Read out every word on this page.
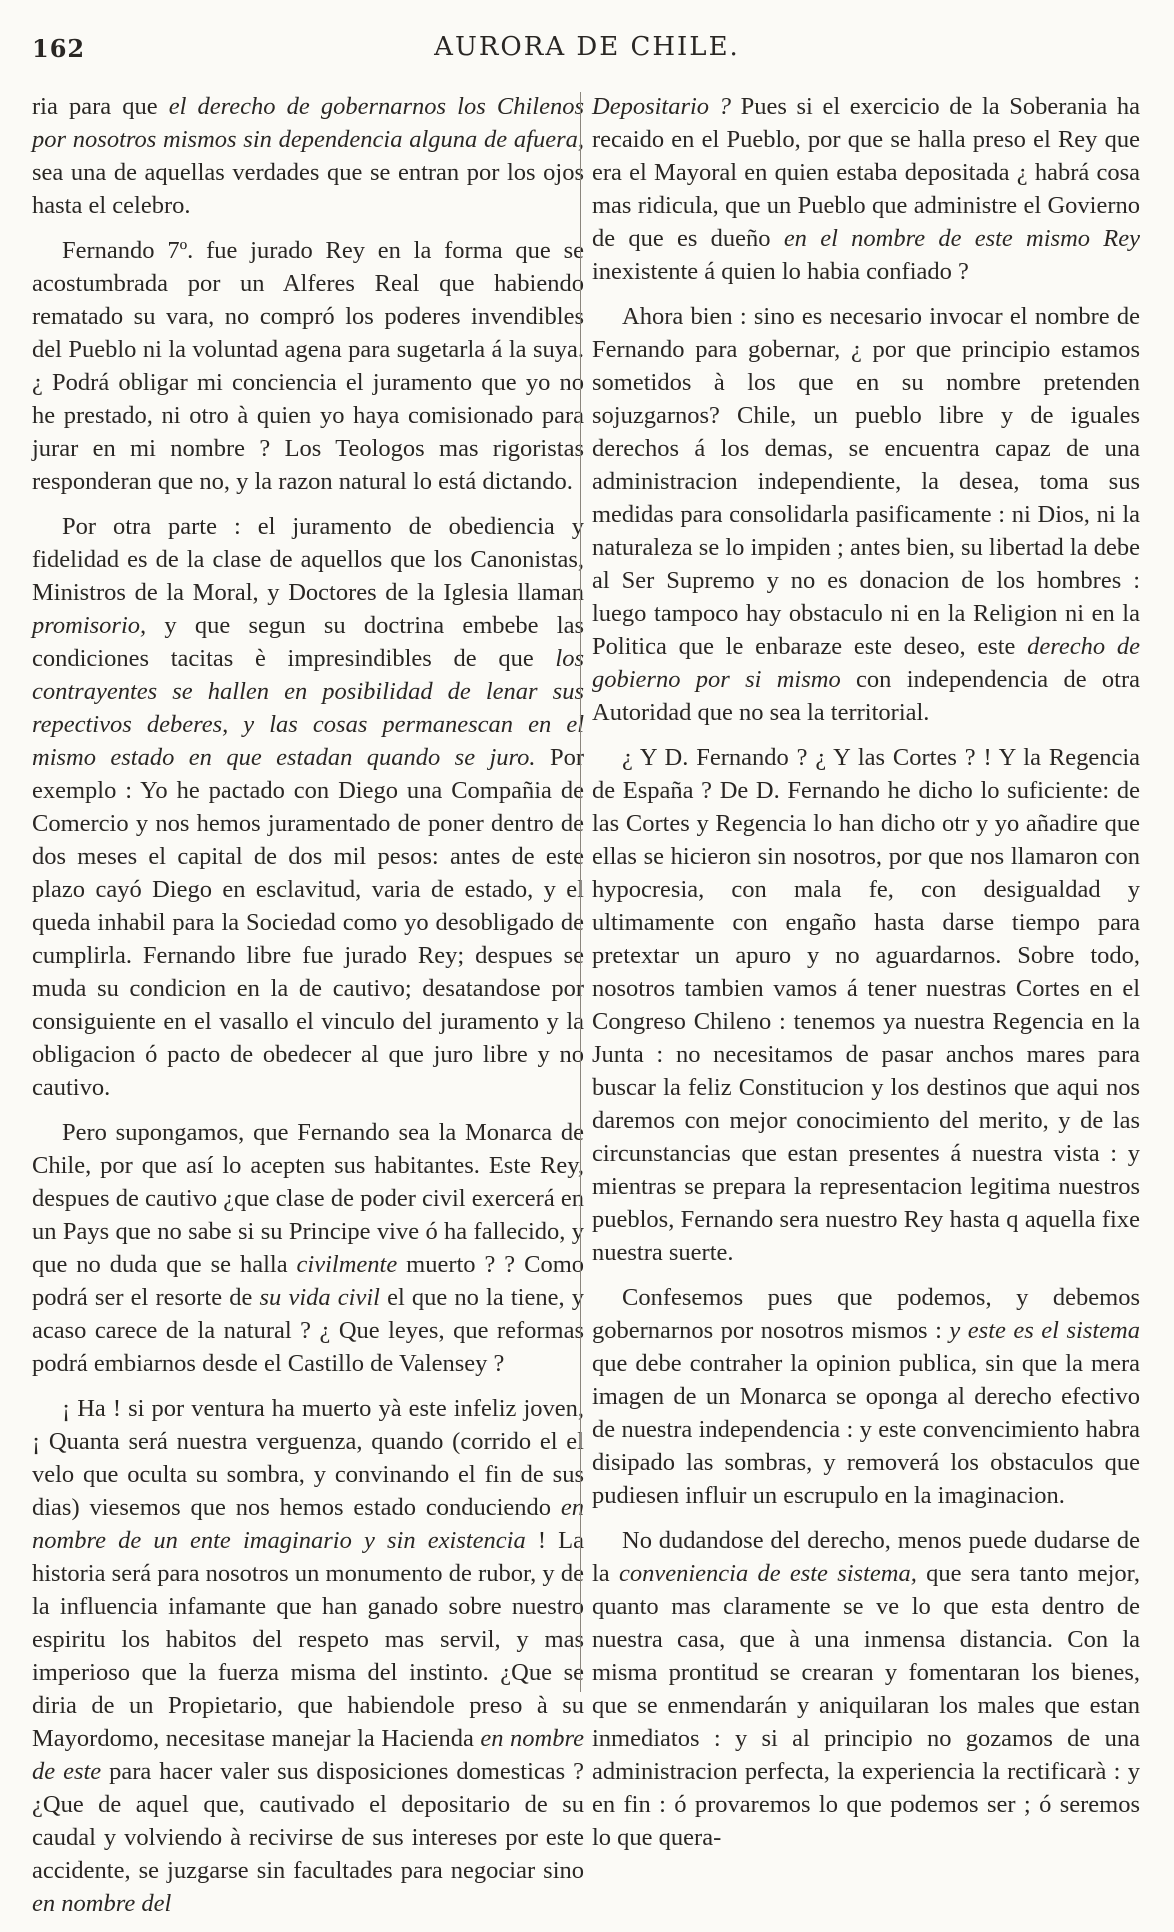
162	AURORA DE CHILE.

ria para que el derecho de gobernarnos los Chilenos por nosotros mismos sin dependencia alguna de afuera, sea una de aquellas verdades que se entran por los ojos hasta el celebro.

Fernando 7º. fue jurado Rey en la forma que se acostumbrada por un Alferes Real que habiendo rematado su vara, no compró los poderes invendibles del Pueblo ni la voluntad agena para sugetarla á la suya. ¿ Podrá obligar mi conciencia el juramento que yo no he prestado, ni otro à quien yo haya comisionado para jurar en mi nombre ? Los Teologos mas rigoristas responderan que no, y la razon natural lo está dictando.

Por otra parte : el juramento de obediencia y fidelidad es de la clase de aquellos que los Canonistas, Ministros de la Moral, y Doctores de la Iglesia llaman promisorio, y que segun su doctrina embebe las condiciones tacitas è impresindibles de que los contrayentes se hallen en posibilidad de lenar sus repectivos deberes, y las cosas permanescan en el mismo estado en que estadan quando se juro. Por exemplo : Yo he pactado con Diego una Compañia de Comercio y nos hemos juramentado de poner dentro de dos meses el capital de dos mil pesos: antes de este plazo cayó Diego en esclavitud, varia de estado, y el queda inhabil para la Sociedad como yo desobligado de cumplirla. Fernando libre fue jurado Rey; despues se muda su condicion en la de cautivo; desatandose por consiguiente en el vasallo el vinculo del juramento y la obligacion ó pacto de obedecer al que juro libre y no cautivo.

Pero supongamos, que Fernando sea la Monarca de Chile, por que así lo acepten sus habitantes. Este Rey, despues de cautivo ¿que clase de poder civil exercerá en un Pays que no sabe si su Principe vive ó ha fallecido, y que no duda que se halla civilmente muerto ? ? Como podrá ser el resorte de su vida civil el que no la tiene, y acaso carece de la natural ? ¿ Que leyes, que reformas podrá embiarnos desde el Castillo de Valensey ?

¡ Ha ! si por ventura ha muerto yà este infeliz joven, ¡ Quanta será nuestra verguenza, quando (corrido el el velo que oculta su sombra, y convinando el fin de sus dias) viesemos que nos hemos estado conduciendo en nombre de un ente imaginario y sin existencia ! La historia será para nosotros un monumento de rubor, y de la influencia infamante que han ganado sobre nuestro espiritu los habitos del respeto mas servil, y mas imperioso que la fuerza misma del instinto. ¿Que se diria de un Propietario, que habiendole preso à su Mayordomo, necesitase manejar la Hacienda en nombre de este para hacer valer sus disposiciones domesticas ? ¿Que de aquel que, cautivado el depositario de su caudal y volviendo à recivirse de sus intereses por este accidente, se juzgarse sin facultades para negociar sino en nombre del

Depositario ? Pues si el exercicio de la Soberania ha recaido en el Pueblo, por que se halla preso el Rey que era el Mayoral en quien estaba depositada ¿ habrá cosa mas ridicula, que un Pueblo que administre el Govierno de que es dueño en el nombre de este mismo Rey inexistente á quien lo habia confiado ?

Ahora bien : sino es necesario invocar el nombre de Fernando para gobernar, ¿ por que principio estamos sometidos à los que en su nombre pretenden sojuzgarnos? Chile, un pueblo libre y de iguales derechos á los demas, se encuentra capaz de una administracion independiente, la desea, toma sus medidas para consolidarla pasificamente : ni Dios, ni la naturaleza se lo impiden ; antes bien, su libertad la debe al Ser Supremo y no es donacion de los hombres : luego tampoco hay obstaculo ni en la Religion ni en la Politica que le enbaraze este deseo, este derecho de gobierno por si mismo con independencia de otra Autoridad que no sea la territorial.

¿ Y D. Fernando ? ¿ Y las Cortes ? ! Y la Regencia de España ? De D. Fernando he dicho lo suficiente: de las Cortes y Regencia lo han dicho otr y yo añadire que ellas se hicieron sin nosotros, por que nos llamaron con hypocresia, con mala fe, con desigualdad y ultimamente con engaño hasta darse tiempo para pretextar un apuro y no aguardarnos. Sobre todo, nosotros tambien vamos á tener nuestras Cortes en el Congreso Chileno : tenemos ya nuestra Regencia en la Junta : no necesitamos de pasar anchos mares para buscar la feliz Constitucion y los destinos que aqui nos daremos con mejor conocimiento del merito, y de las circunstancias que estan presentes á nuestra vista : y mientras se prepara la representacion legitima nuestros pueblos, Fernando sera nuestro Rey hasta q aquella fixe nuestra suerte.

Confesemos pues que podemos, y debemos gobernarnos por nosotros mismos : y este es el sistema que debe contraher la opinion publica, sin que la mera imagen de un Monarca se oponga al derecho efectivo de nuestra independencia : y este convencimiento habra disipado las sombras, y removerá los obstaculos que pudiesen influir un escrupulo en la imaginacion.

No dudandose del derecho, menos puede dudarse de la conveniencia de este sistema, que sera tanto mejor, quanto mas claramente se ve lo que esta dentro de nuestra casa, que à una inmensa distancia. Con la misma prontitud se crearan y fomentaran los bienes, que se enmendarán y aniquilaran los males que estan inmediatos : y si al principio no gozamos de una administracion perfecta, la experiencia la rectificarà : y en fin : ó provaremos lo que podemos ser ; ó seremos lo que quera-
